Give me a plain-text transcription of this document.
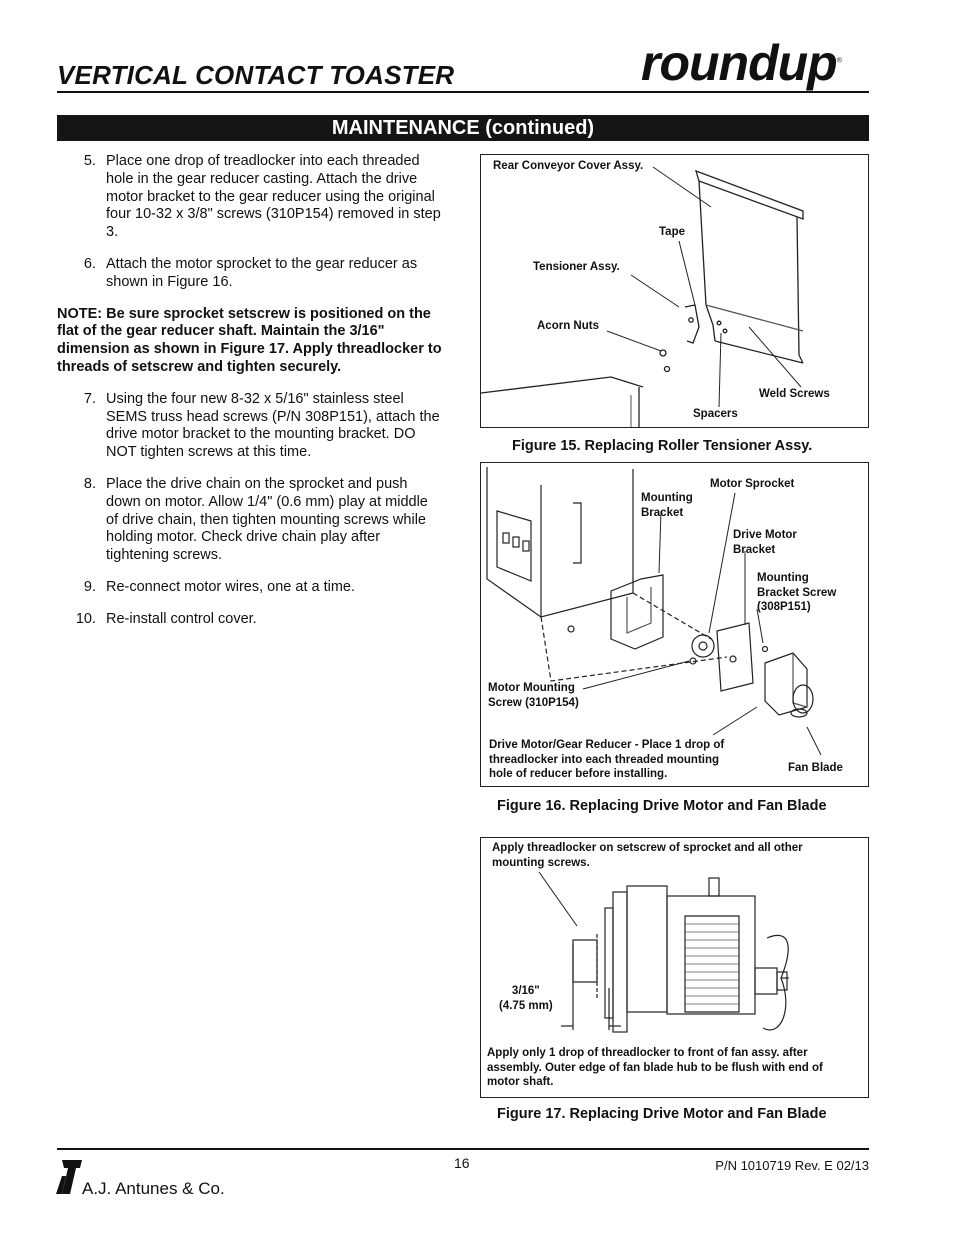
VERTICAL CONTACT TOASTER	roundup®
MAINTENANCE (continued)
5. Place one drop of treadlocker into each threaded hole in the gear reducer casting. Attach the drive motor bracket to the gear reducer using the original four 10-32 x 3/8" screws (310P154) removed in step 3.
6. Attach the motor sprocket to the gear reducer as shown in Figure 16.
NOTE: Be sure sprocket setscrew is positioned on the flat of the gear reducer shaft. Maintain the 3/16" dimension as shown in Figure 17. Apply threadlocker to threads of setscrew and tighten securely.
7. Using the four new 8-32 x 5/16" stainless steel SEMS truss head screws (P/N 308P151), attach the drive motor bracket to the mounting bracket. DO NOT tighten screws at this time.
8. Place the drive chain on the sprocket and push down on motor. Allow 1/4" (0.6 mm) play at middle of drive chain, then tighten mounting screws while holding motor. Check drive chain play after tightening screws.
9. Re-connect motor wires, one at a time.
10. Re-install control cover.
Rear Conveyor Cover Assy.
Tape
Tensioner Assy.
Acorn Nuts
Weld Screws
Spacers
Figure 15. Replacing Roller Tensioner Assy.
Motor Sprocket
Mounting
Bracket
Drive Motor
Bracket
Mounting
Bracket Screw
(308P151)
Motor Mounting
Screw (310P154)
Drive Motor/Gear Reducer - Place 1 drop of
threadlocker into each threaded mounting
hole of reducer before installing.	Fan Blade
Figure 16. Replacing Drive Motor and Fan Blade
Apply threadlocker on setscrew of sprocket and all other
mounting screws.
3/16"
(4.75 mm)
Apply only 1 drop of threadlocker to front of fan assy. after
assembly. Outer edge of fan blade hub to be flush with end of
motor shaft.
Figure 17. Replacing Drive Motor and Fan Blade
A.J. Antunes & Co.
16	P/N 1010719 Rev. E 02/13
